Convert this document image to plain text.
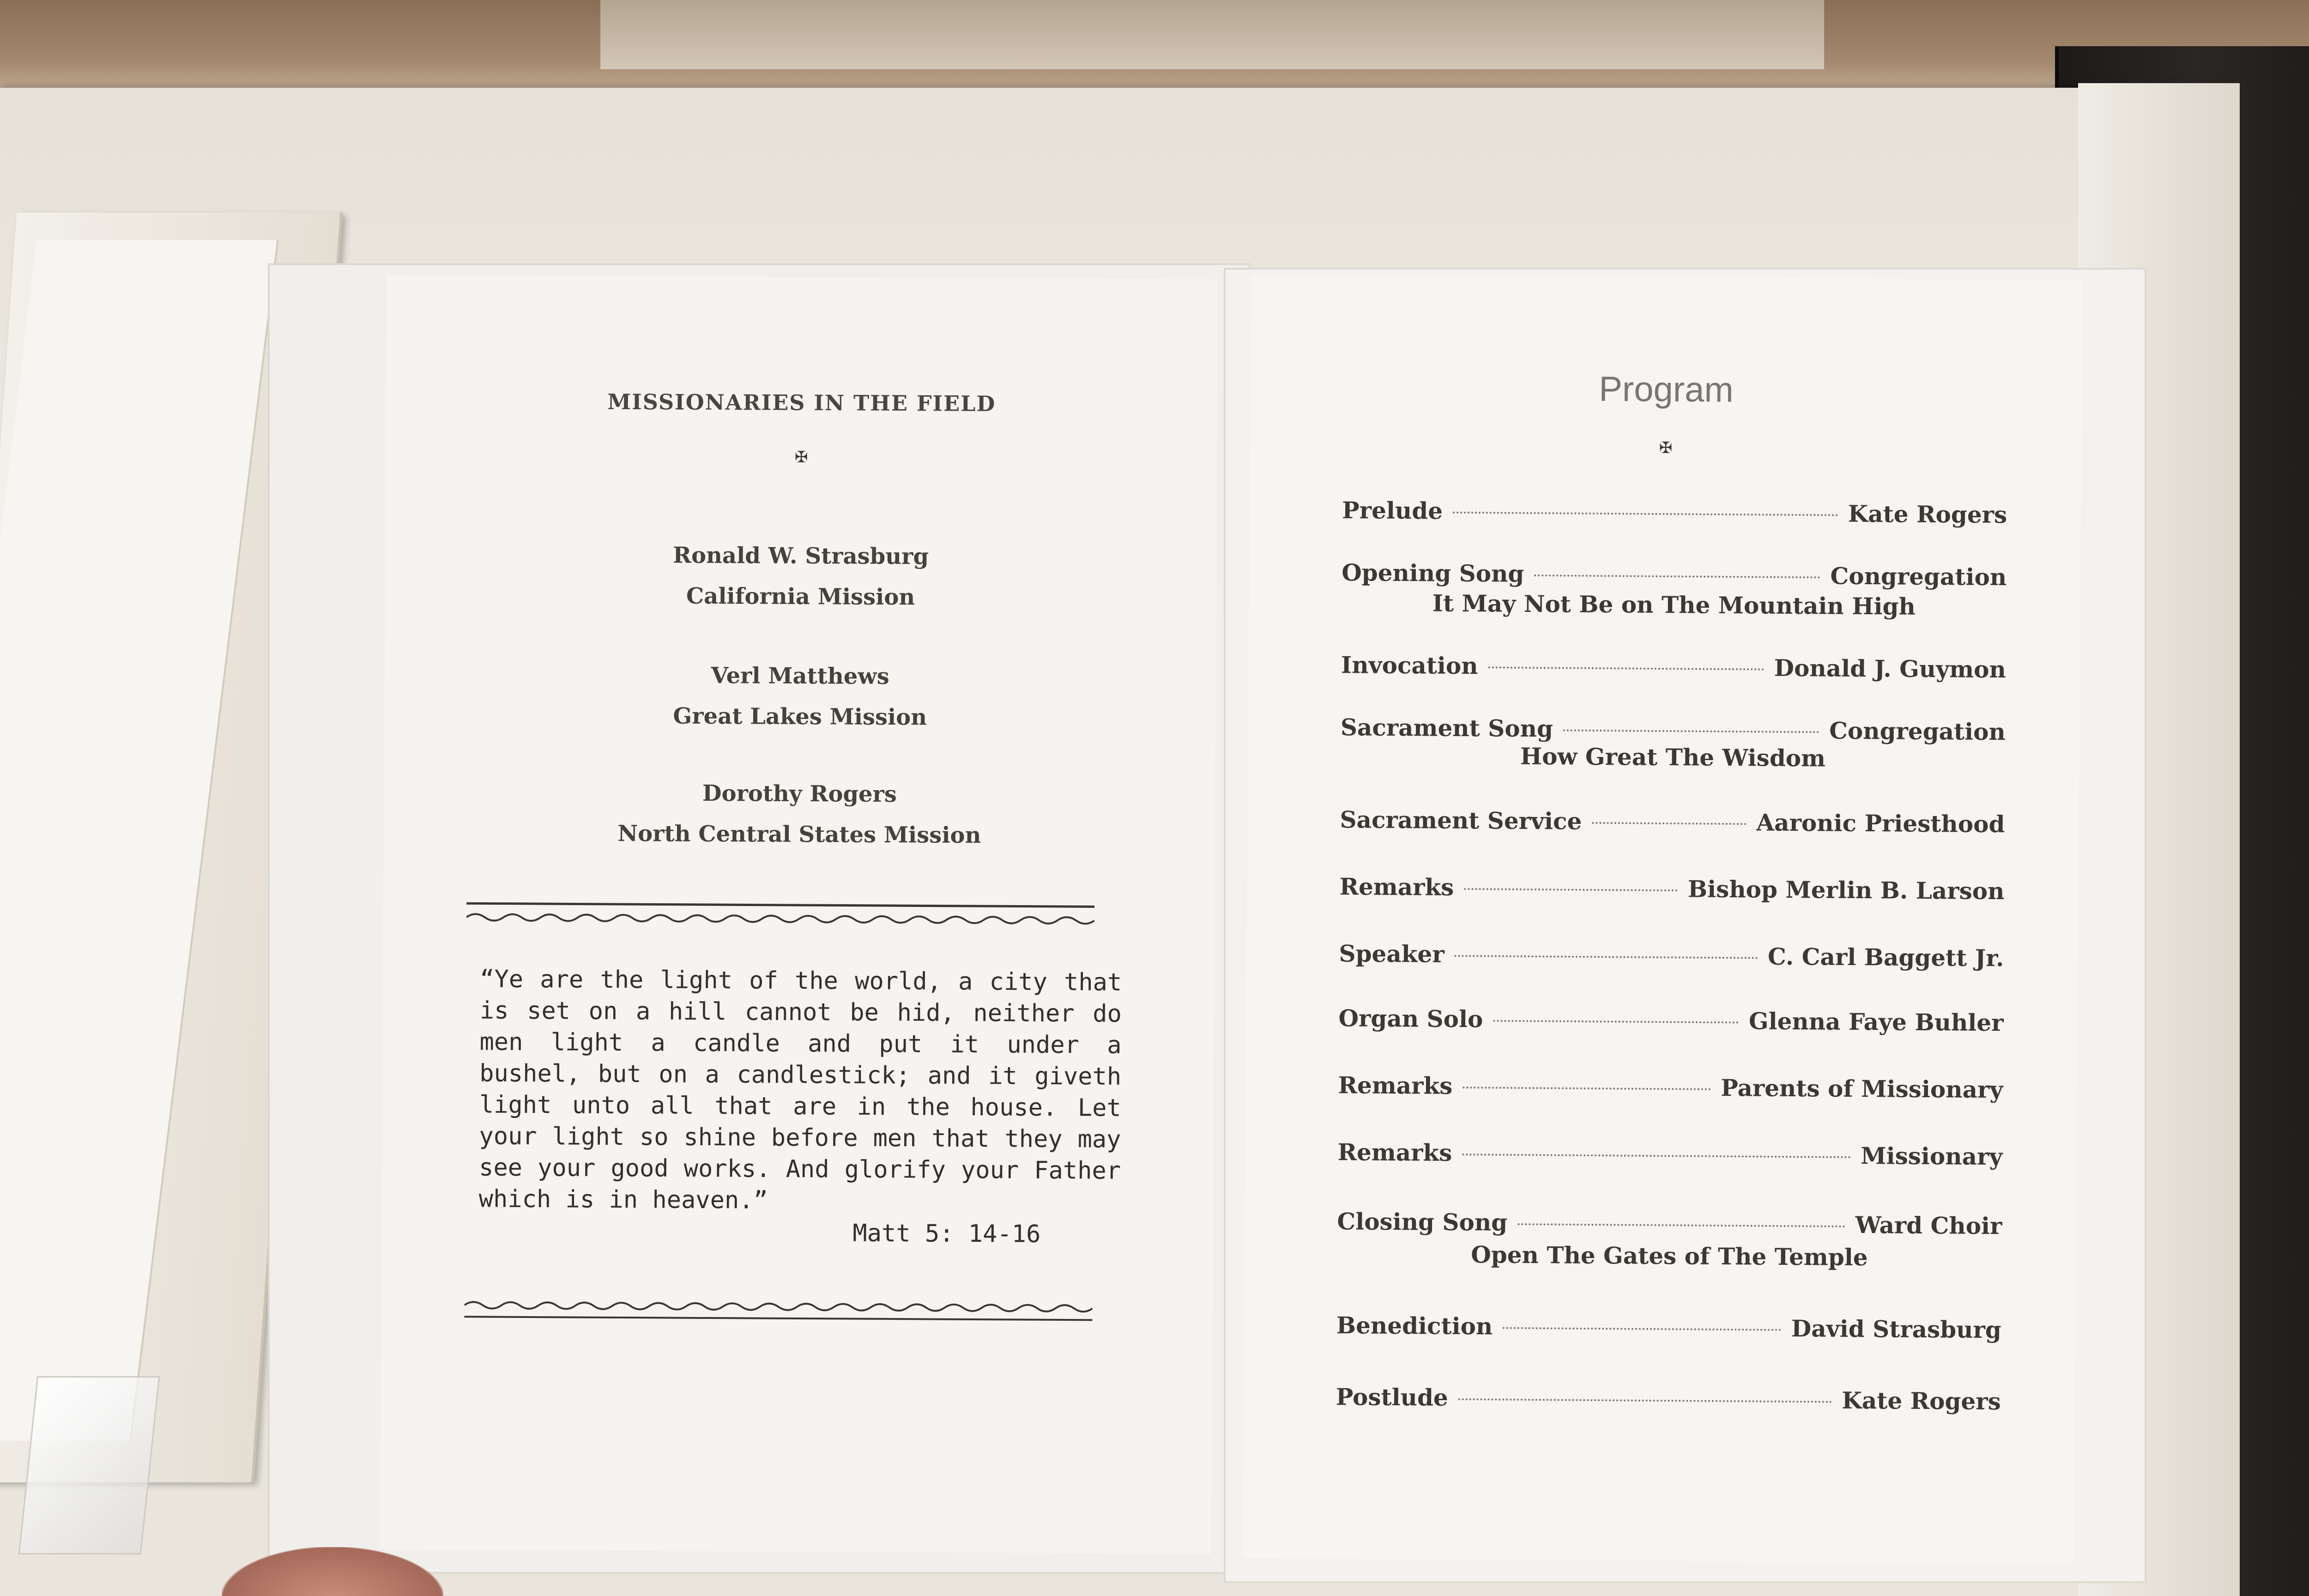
MISSIONARIES IN THE FIELD
✠
Ronald W. Strasburg
California Mission
Verl Matthews
Great Lakes Mission
Dorothy Rogers
North Central States Mission
“Ye are the light of the world, a city that is set on a hill cannot be hid, neither do men light a candle and put it under a bushel, but on a candlestick; and it giveth light unto all that are in the house. Let your light so shine before men that they may see your good works. And glorify your Father which is in heaven.”
Matt 5: 14-16
Program
✠
Prelude	Kate Rogers
Opening Song	Congregation
It May Not Be on The Mountain High
Invocation	Donald J. Guymon
Sacrament Song	Congregation
How Great The Wisdom
Sacrament Service	Aaronic Priesthood
Remarks	Bishop Merlin B. Larson
Speaker	C. Carl Baggett Jr.
Organ Solo	Glenna Faye Buhler
Remarks	Parents of Missionary
Remarks	Missionary
Closing Song	Ward Choir
Open The Gates of The Temple
Benediction	David Strasburg
Postlude	Kate Rogers
